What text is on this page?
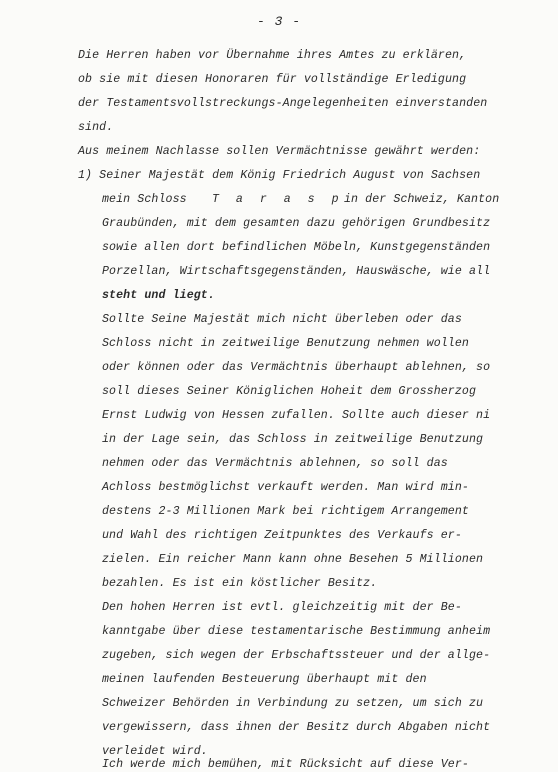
- 3 -
Die Herren haben vor Übernahme ihres Amtes zu erklären,
ob sie mit diesen Honoraren für vollständige Erledigung
der Testamentsvollstreckungs-Angelegenheiten einverstanden
sind.
Aus meinem Nachlasse sollen Vermächtnisse gewährt werden:
1) Seiner Majestät dem König Friedrich August von Sachsen
mein Schloss T a r a s p in der Schweiz, Kanton
Graubünden, mit dem gesamten dazu gehörigen Grundbesitz
sowie allen dort befindlichen Möbeln, Kunstgegenständen
Porzellan, Wirtschaftsgegenständen, Hauswäsche, wie all
steht und liegt.
Sollte Seine Majestät mich nicht überleben oder das
Schloss nicht in zeitweilige Benutzung nehmen wollen
oder können oder das Vermächtnis überhaupt ablehnen, so
soll dieses Seiner Königlichen Hoheit dem Grossherzog
Ernst Ludwig von Hessen zufallen. Sollte auch dieser ni
in der Lage sein, das Schloss in zeitweilige Benutzung
nehmen oder das Vermächtnis ablehnen, so soll das
Achloss bestmöglichst verkauft werden. Man wird min-
destens 2-3 Millionen Mark bei richtigem Arrangement
und Wahl des richtigen Zeitpunktes des Verkaufs er-
zielen. Ein reicher Mann kann ohne Besehen 5 Millionen
bezahlen. Es ist ein köstlicher Besitz.
Den hohen Herren ist evtl. gleichzeitig mit der Be-
kanntgabe über diese testamentarische Bestimmung anheim
zugeben, sich wegen der Erbschaftssteuer und der allge-
meinen laufenden Besteuerung überhaupt mit den
Schweizer Behörden in Verbindung zu setzen, um sich zu
vergewissern, dass ihnen der Besitz durch Abgaben nicht
verleidet wird.
Ich werde mich bemühen, mit Rücksicht auf diese Ver-
